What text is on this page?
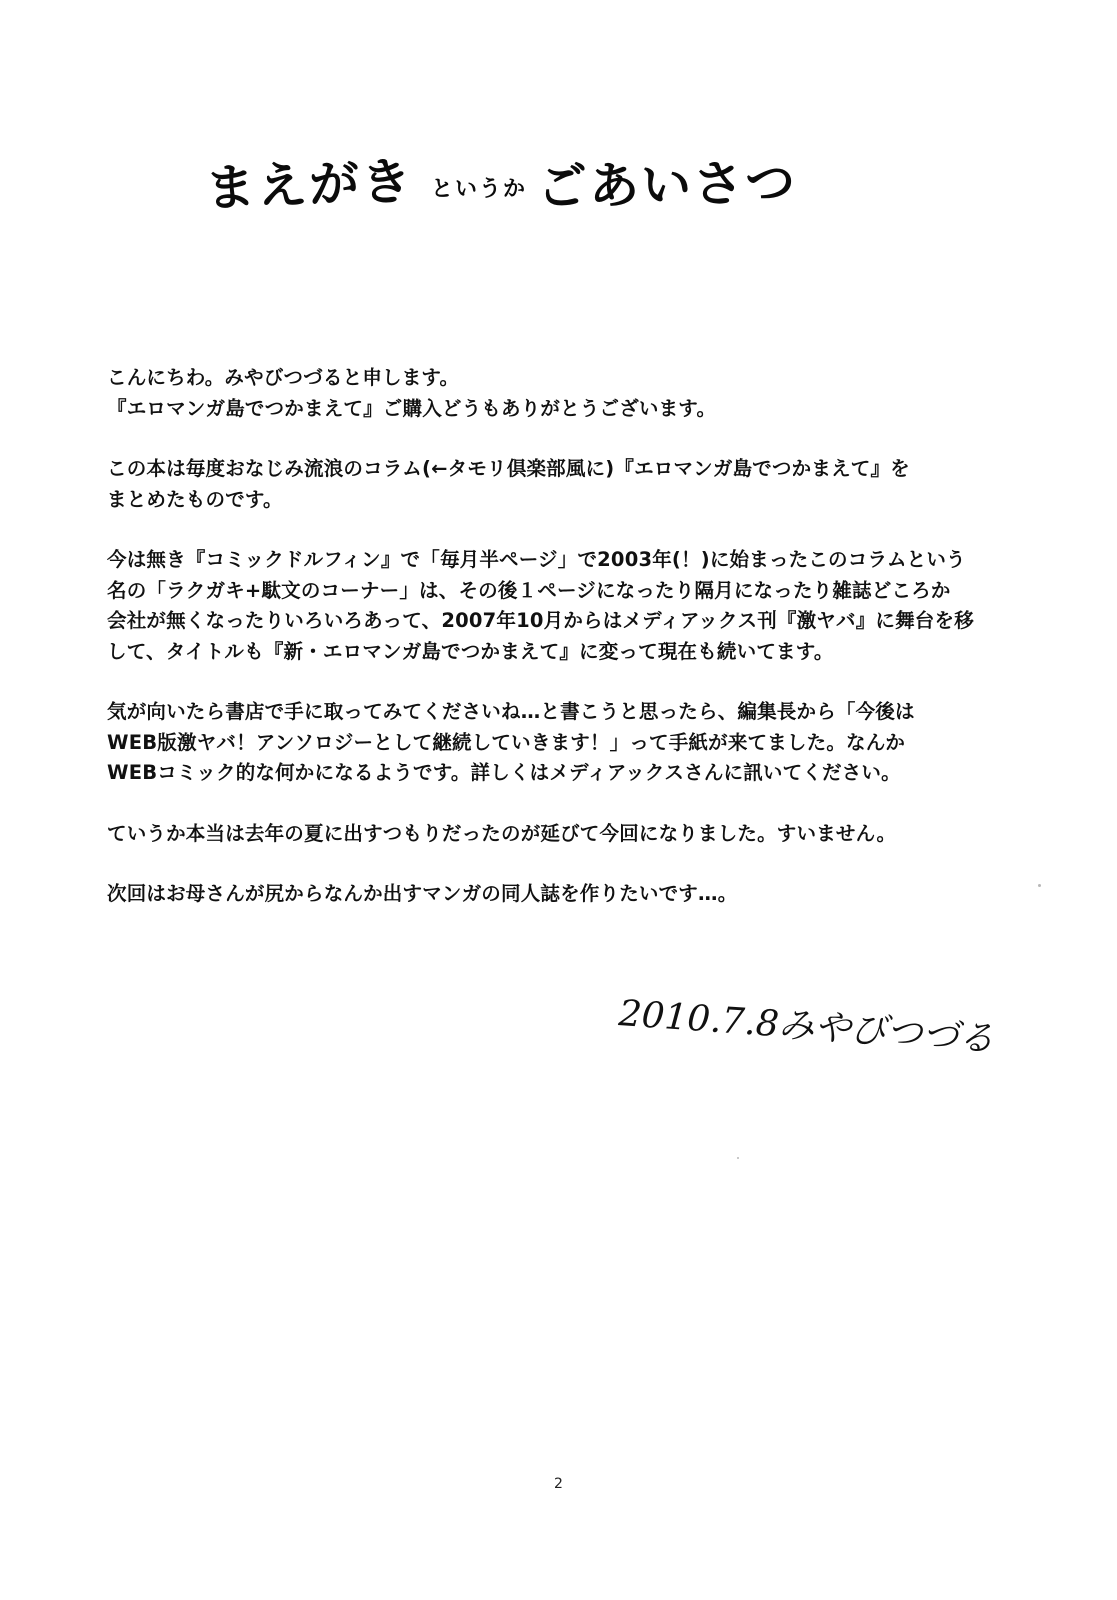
まえがき というか ごあいさつ

こんにちわ。みやびつづると申します。
『エロマンガ島でつかまえて』ご購入どうもありがとうございます。

この本は毎度おなじみ流浪のコラム(←タモリ倶楽部風に)『エロマンガ島でつかまえて』を
まとめたものです。

今は無き『コミックドルフィン』で「毎月半ページ」で2003年(！)に始まったこのコラムという
名の「ラクガキ+駄文のコーナー」は、その後１ページになったり隔月になったり雑誌どころか
会社が無くなったりいろいろあって、2007年10月からはメディアックス刊『激ヤバ』に舞台を移
して、タイトルも『新・エロマンガ島でつかまえて』に変って現在も続いてます。

気が向いたら書店で手に取ってみてくださいね…と書こうと思ったら、編集長から「今後は
WEB版激ヤバ！アンソロジーとして継続していきます！」って手紙が来てました。なんか
WEBコミック的な何かになるようです。詳しくはメディアックスさんに訊いてください。

ていうか本当は去年の夏に出すつもりだったのが延びて今回になりました。すいません。

次回はお母さんが尻からなんか出すマンガの同人誌を作りたいです…。

2010.7.8みやびつづる
2
